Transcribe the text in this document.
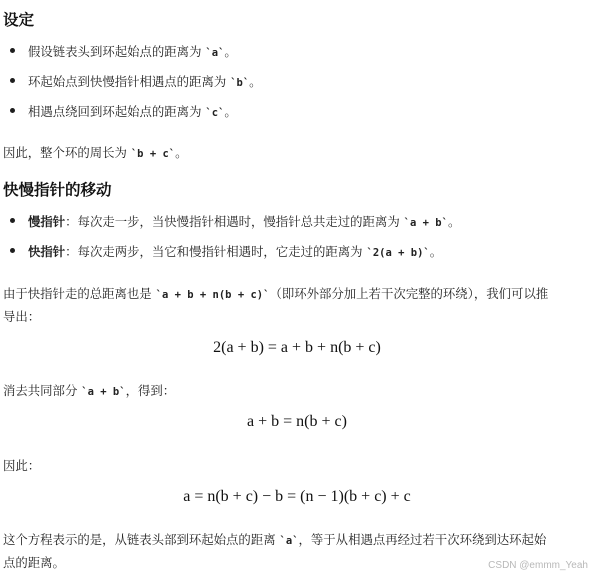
设定
假设链表头到环起始点的距离为 `a`。
环起始点到快慢指针相遇点的距离为 `b`。
相遇点绕回到环起始点的距离为 `c`。
因此，整个环的周长为 `b + c`。
快慢指针的移动
慢指针：每次走一步，当快慢指针相遇时，慢指针总共走过的距离为 `a + b`。
快指针：每次走两步，当它和慢指针相遇时，它走过的距离为 `2(a + b)`。
由于快指针走的总距离也是 `a + b + n(b + c)`（即环外部分加上若干次完整的环绕），我们可以推
导出：
2(a + b) = a + b + n(b + c)
消去共同部分 `a + b`，得到：
a + b = n(b + c)
因此：
a = n(b + c) − b = (n − 1)(b + c) + c
这个方程表示的是，从链表头部到环起始点的距离 `a`，等于从相遇点再经过若干次环绕到达环起始
点的距离。	CSDN @emmm_Yeah
